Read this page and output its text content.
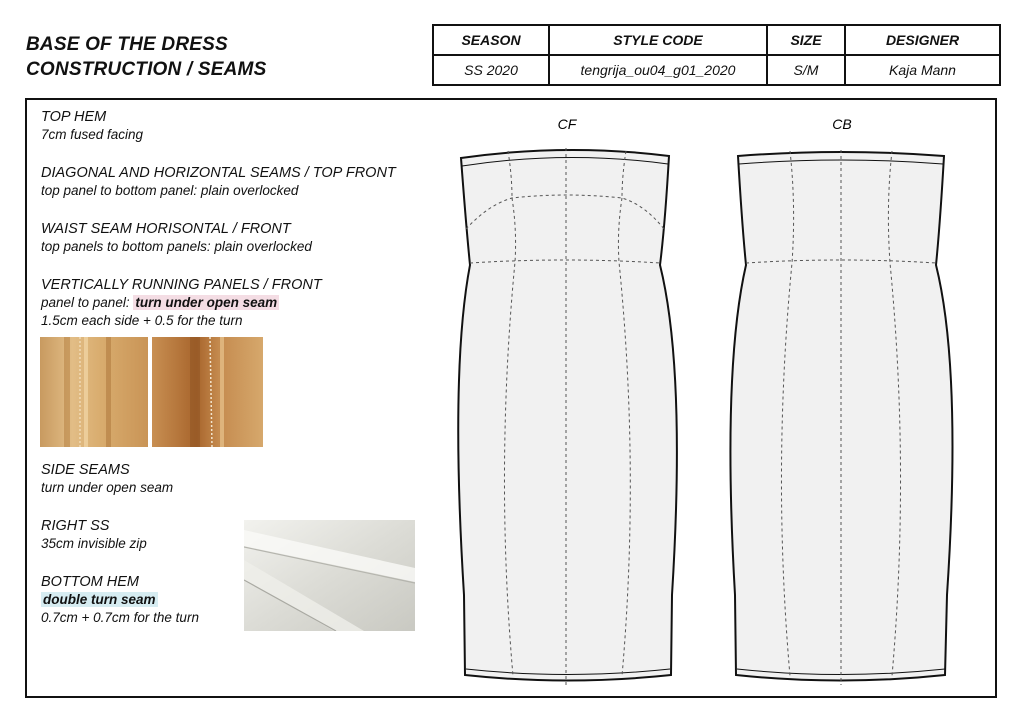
BASE OF THE DRESS
CONSTRUCTION / SEAMS
SEASON	STYLE CODE	SIZE	DESIGNER
SS 2020	tengrija_ou04_g01_2020	S/M	Kaja Mann
TOP HEM
7cm fused facing
DIAGONAL AND HORIZONTAL SEAMS / TOP FRONT
top panel to bottom panel: plain overlocked
WAIST SEAM HORISONTAL / FRONT
top panels to bottom panels: plain overlocked
VERTICALLY RUNNING PANELS / FRONT
panel to panel: turn under open seam
1.5cm each side + 0.5 for the turn
SIDE SEAMS
turn under open seam
RIGHT SS
35cm invisible zip
BOTTOM HEM
double turn seam
0.7cm + 0.7cm for the turn
CF	CB
